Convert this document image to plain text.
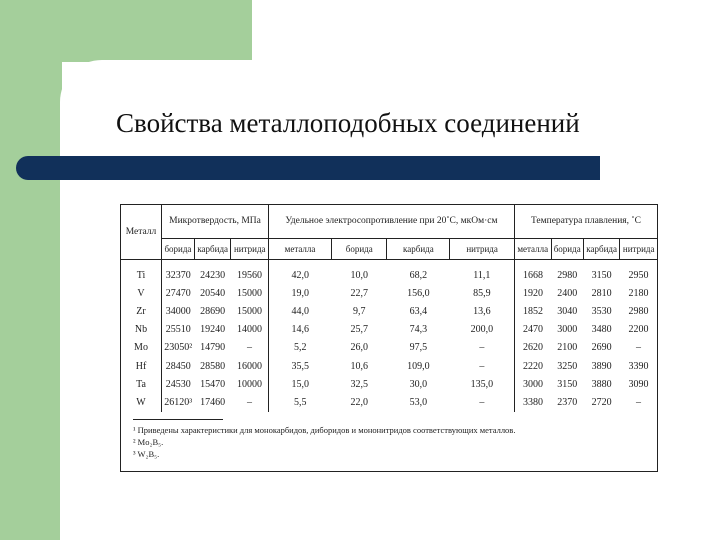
Свойства металлоподобных соединений
Металл	Микротвердость, МПа			Удельное электросопротивление при 20˚С, мкОм·см				Температура плавления, ˚С			
	борида	карбида	нитрида	металла	борида	карбида	нитрида	металла	борида	карбида	нитрида
Ti	32370	24230	19560	42,0	10,0	68,2	11,1	1668	2980	3150	2950
V	27470	20540	15000	19,0	22,7	156,0	85,9	1920	2400	2810	2180
Zr	34000	28690	15000	44,0	9,7	63,4	13,6	1852	3040	3530	2980
Nb	25510	19240	14000	14,6	25,7	74,3	200,0	2470	3000	3480	2200
Mo	23050²	14790	–	5,2	26,0	97,5	–	2620	2100	2690	–
Hf	28450	28580	16000	35,5	10,6	109,0	–	2220	3250	3890	3390
Ta	24530	15470	10000	15,0	32,5	30,0	135,0	3000	3150	3880	3090
W	26120³	17460	–	5,5	22,0	53,0	–	3380	2370	2720	–
¹ Приведены характеристики для монокарбидов, диборидов и мононитридов соответствующих металлов.
² Mo₂B₅.
³ W₂B₅.
